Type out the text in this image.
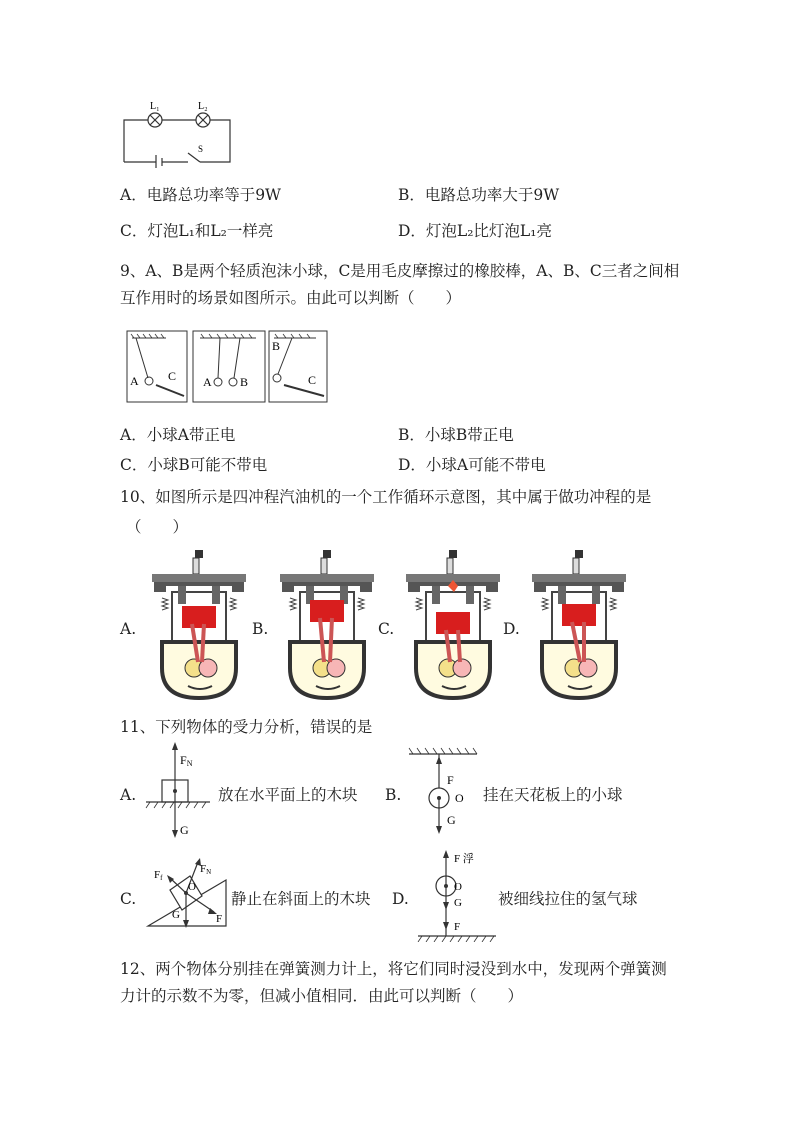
L₁	L₂
S
A．电路总功率等于9W	B．电路总功率大于9W
C．灯泡L₁和L₂一样亮	D．灯泡L₂比灯泡L₁亮
9、A、B是两个轻质泡沫小球，C是用毛皮摩擦过的橡胶棒，A、B、C三者之间相互作用时的场景如图所示。由此可以判断（　　）
A C A B
B
C
A．小球A带正电	B．小球B带正电
C．小球B可能不带电	D．小球A可能不带电
10、如图所示是四冲程汽油机的一个工作循环示意图，其中属于做功冲程的是
（　　）
A.	B.	C.	D.
11、下列物体的受力分析，错误的是
A.
FN
G
放在水平面上的木块 B.
F
O
G
挂在天花板上的小球
C.
Ff
FN
O
G	F
静止在斜面上的木块 D.
F 浮
O
G
F
被细线拉住的氢气球
12、两个物体分别挂在弹簧测力计上，将它们同时浸没到水中，发现两个弹簧测力计的示数不为零，但减小值相同．由此可以判断（　　）
